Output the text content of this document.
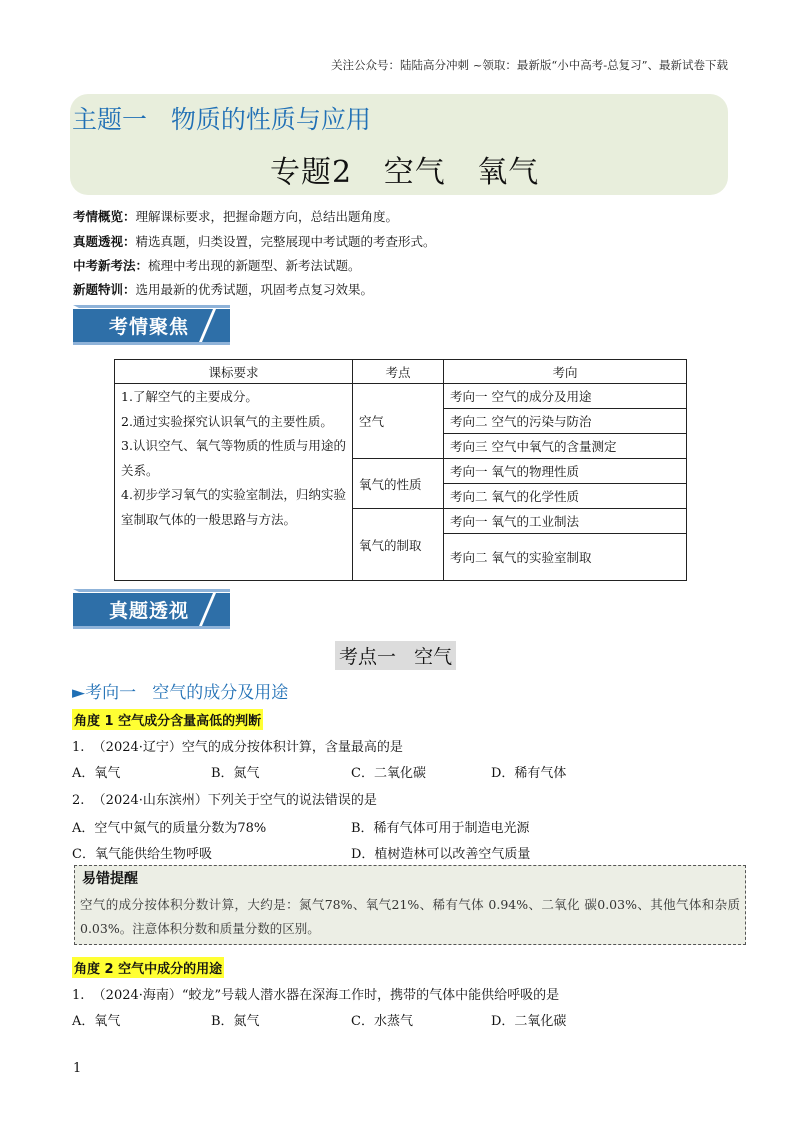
关注公众号：陆陆高分冲刺 ~领取：最新版“小中高考-总复习”、最新试卷下载
主题一   物质的性质与应用
专题2   空气   氧气
考情概览：理解课标要求，把握命题方向，总结出题角度。
真题透视：精选真题，归类设置，完整展现中考试题的考查形式。
中考新考法：梳理中考出现的新题型、新考法试题。
新题特训：选用最新的优秀试题，巩固考点复习效果。
考情聚焦
课标要求	考点	考向

1.了解空气的主要成分。
2.通过实验探究认识氧气的主要性质。
3.认识空气、氧气等物质的性质与用途的关系。
4.初步学习氧气的实验室制法，归纳实验室制取气体的一般思路与方法。	空气	考向一 空气的成分及用途
		考向二 空气的污染与防治
		考向三 空气中氧气的含量测定
	氧气的性质	考向一 氧气的物理性质
		考向二 氧气的化学性质
	氧气的制取	考向一 氧气的工业制法
		考向二 氧气的实验室制取
真题透视
考点一   空气
►考向一   空气的成分及用途
角度 1 空气成分含量高低的判断
1.  （2024·辽宁）空气的成分按体积计算，含量最高的是
A．氧气	B．氮气	C．二氧化碳	D．稀有气体
2.  （2024·山东滨州）下列关于空气的说法错误的是
A．空气中氮气的质量分数为78%	B．稀有气体可用于制造电光源
C．氧气能供给生物呼吸	D．植树造林可以改善空气质量
易错提醒
空气的成分按体积分数计算，大约是：氮气78%、氧气21%、稀有气体 0.94%、二氧化 碳0.03%、其他气体和杂质 0.03%。注意体积分数和质量分数的区别。
角度 2 空气中成分的用途
1.  （2024·海南）“蛟龙”号载人潜水器在深海工作时，携带的气体中能供给呼吸的是
A．氧气	B．氮气	C．水蒸气	D．二氧化碳
1
